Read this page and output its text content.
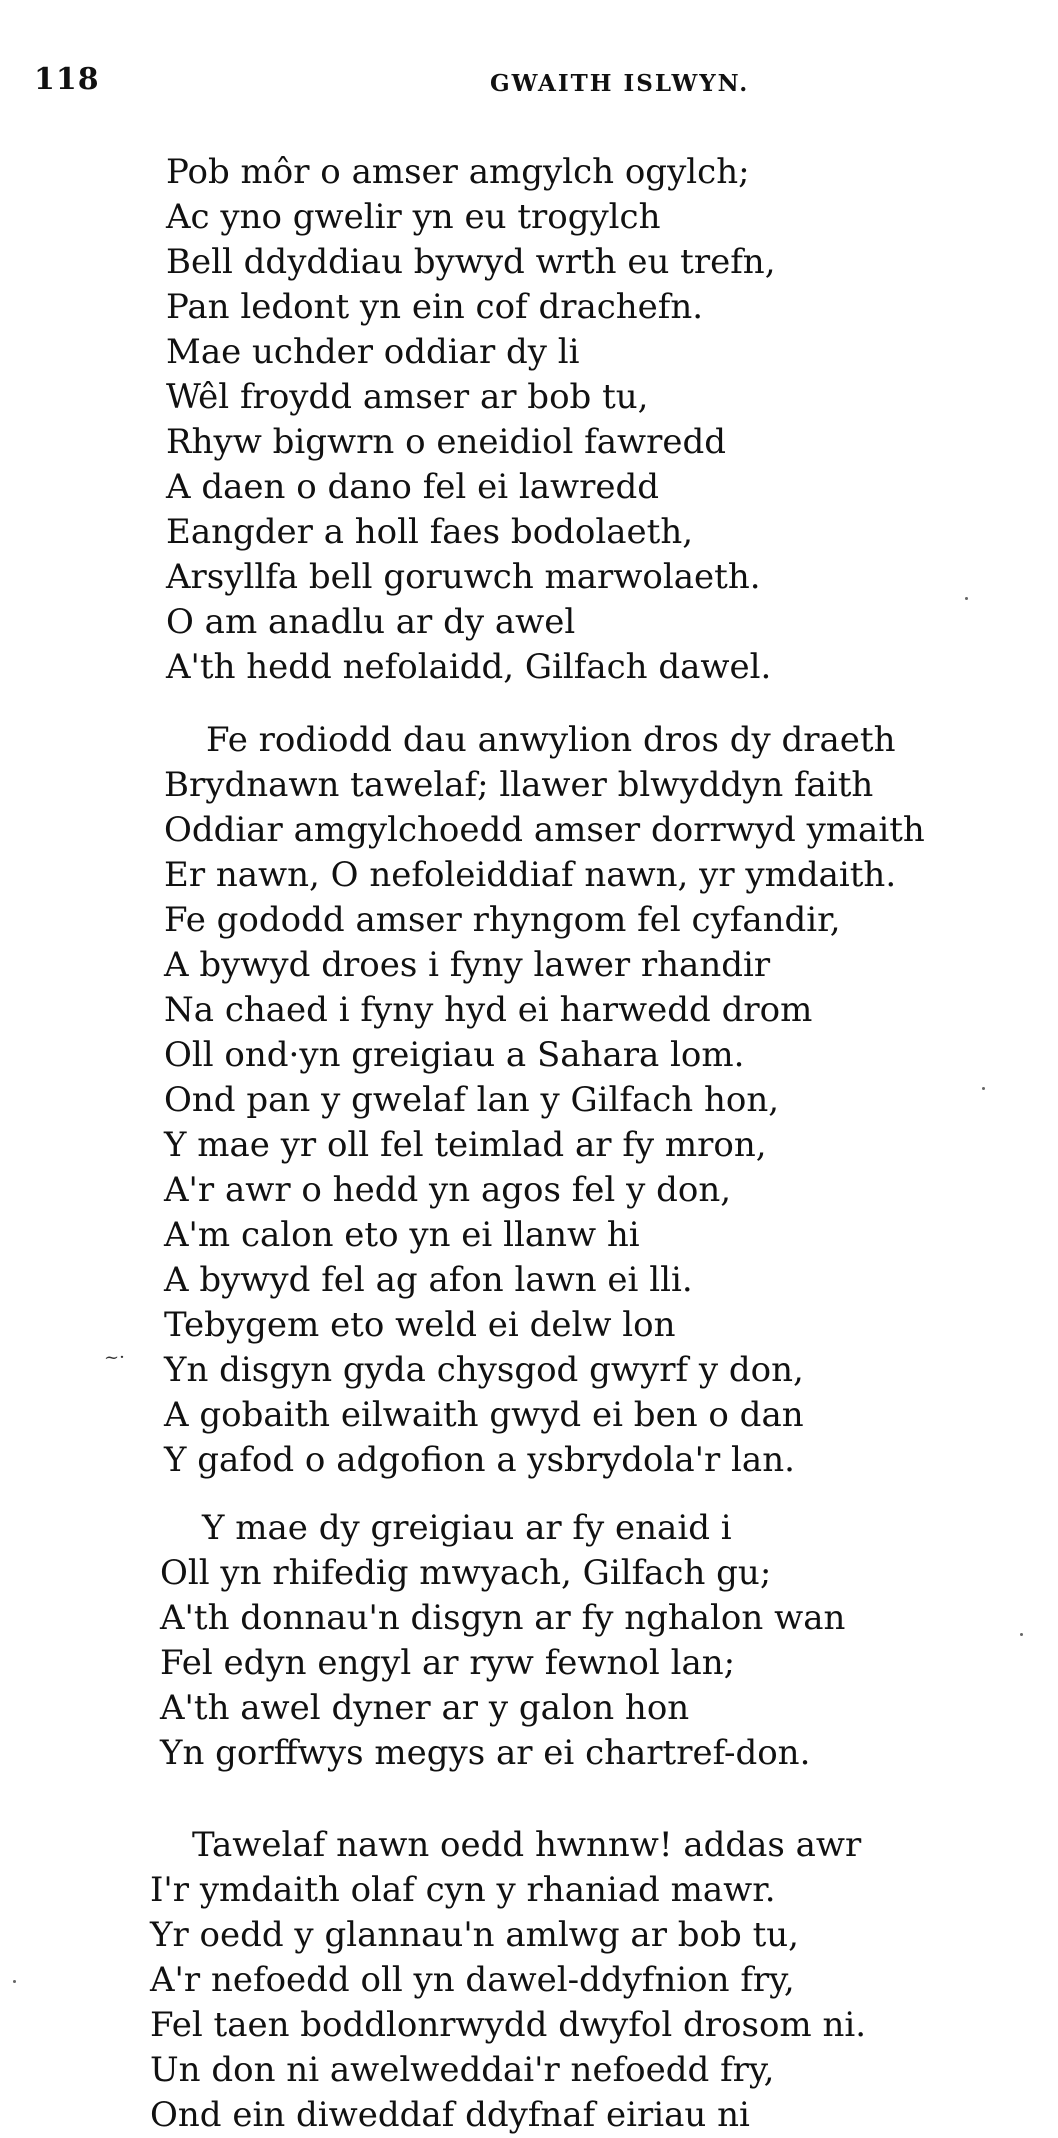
118	GWAITH ISLWYN.
Pob môr o amser amgylch ogylch;
Ac yno gwelir yn eu trogylch
Bell ddyddiau bywyd wrth eu trefn,
Pan ledont yn ein cof drachefn.
Mae uchder oddiar dy li
Wêl froydd amser ar bob tu,
Rhyw bigwrn o eneidiol fawredd
A daen o dano fel ei lawredd
Eangder a holl faes bodolaeth,
Arsyllfa bell goruwch marwolaeth.
O am anadlu ar dy awel
A'th hedd nefolaidd, Gilfach dawel.
Fe rodiodd dau anwylion dros dy draeth
Brydnawn tawelaf; llawer blwyddyn faith
Oddiar amgylchoedd amser dorrwyd ymaith
Er nawn, O nefoleiddiaf nawn, yr ymdaith.
Fe gododd amser rhyngom fel cyfandir,
A bywyd droes i fyny lawer rhandir
Na chaed i fyny hyd ei harwedd drom
Oll ond·yn greigiau a Sahara lom.
Ond pan y gwelaf lan y Gilfach hon,
Y mae yr oll fel teimlad ar fy mron,
A'r awr o hedd yn agos fel y don,
A'm calon eto yn ei llanw hi
A bywyd fel ag afon lawn ei lli.
Tebygem eto weld ei delw lon
Yn disgyn gyda chysgod gwyrf y don,
A gobaith eilwaith gwyd ei ben o dan
Y gafod o adgofion a ysbrydola'r lan.
~·
Y mae dy greigiau ar fy enaid i
Oll yn rhifedig mwyach, Gilfach gu;
A'th donnau'n disgyn ar fy nghalon wan
Fel edyn engyl ar ryw fewnol lan;
A'th awel dyner ar y galon hon
Yn gorffwys megys ar ei chartref-don.
Tawelaf nawn oedd hwnnw! addas awr
I'r ymdaith olaf cyn y rhaniad mawr.
Yr oedd y glannau'n amlwg ar bob tu,
A'r nefoedd oll yn dawel-ddyfnion fry,
Fel taen boddlonrwydd dwyfol drosom ni.
Un don ni awelweddai'r nefoedd fry,
Ond ein diweddaf ddyfnaf eiriau ni
